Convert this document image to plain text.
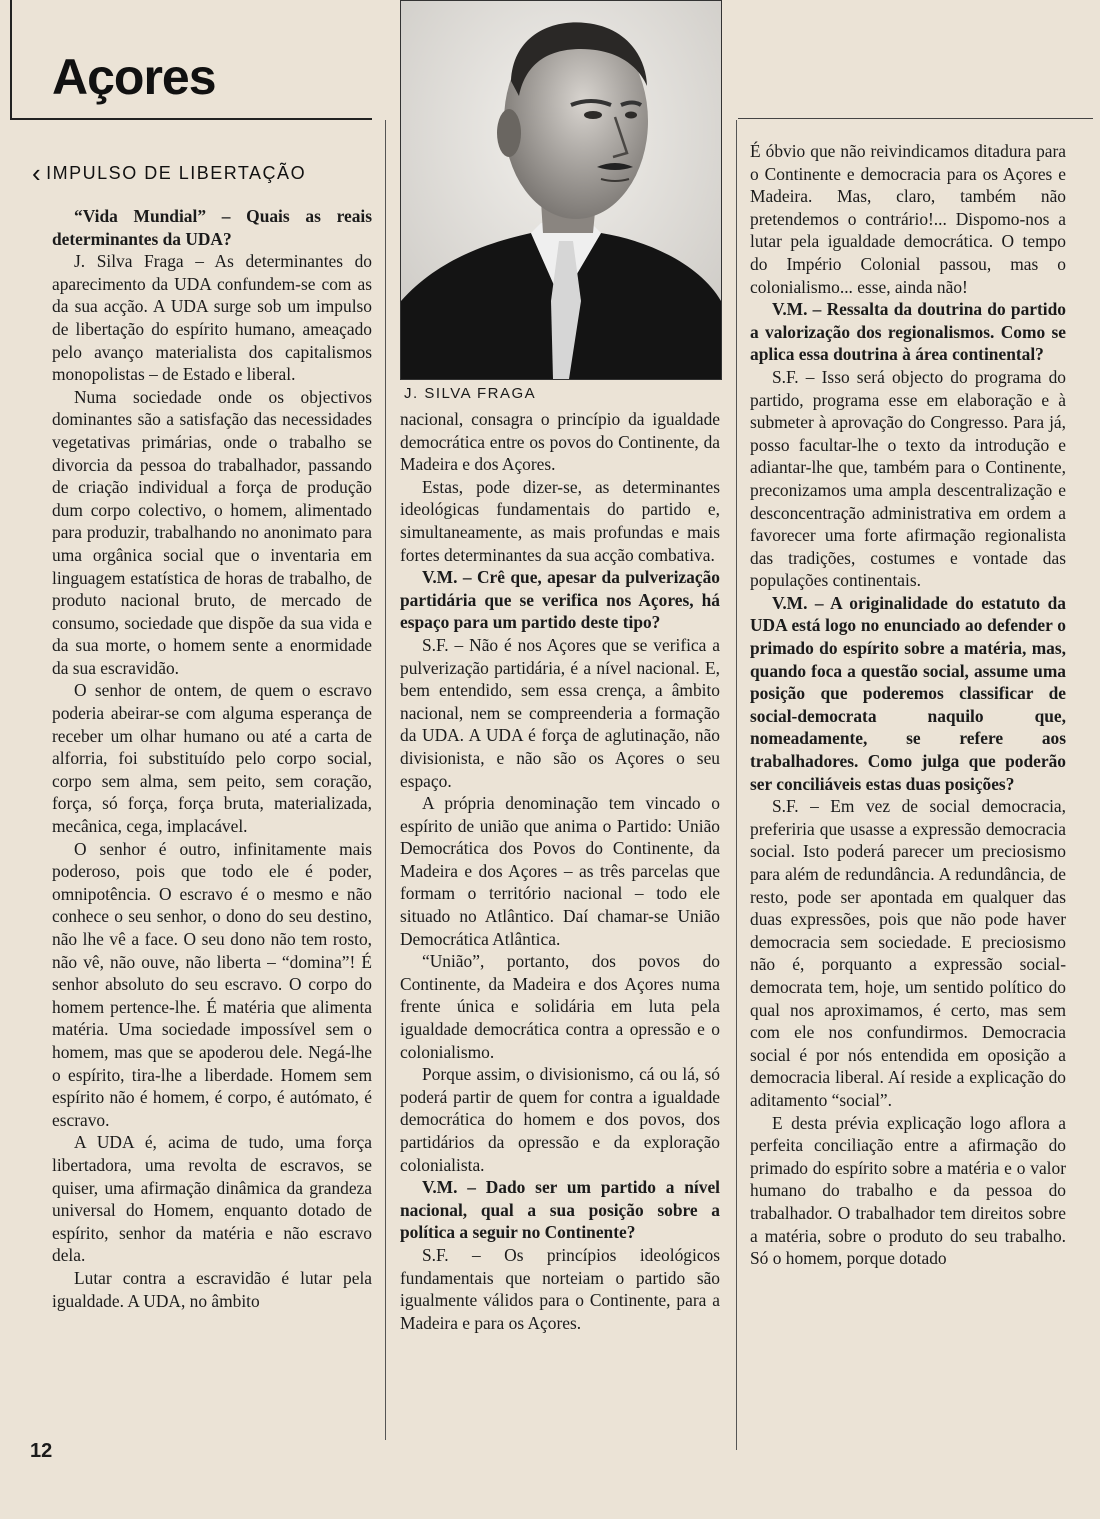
Açores
‹ IMPULSO DE LIBERTAÇÃO
J. SILVA FRAGA

“Vida Mundial” – Quais as reais determinantes da UDA?

J. Silva Fraga – As determinantes do aparecimento da UDA confundem-se com as da sua acção. A UDA surge sob um impulso de libertação do espírito humano, ameaçado pelo avanço materialista dos capitalismos monopolistas – de Estado e liberal.

Numa sociedade onde os objectivos dominantes são a satisfação das necessidades vegetativas primárias, onde o trabalho se divorcia da pessoa do trabalhador, passando de criação individual a força de produção dum corpo colectivo, o homem, alimentado para produzir, trabalhando no anonimato para uma orgânica social que o inventaria em linguagem estatística de horas de trabalho, de produto nacional bruto, de mercado de consumo, sociedade que dispõe da sua vida e da sua morte, o homem sente a enormidade da sua escravidão.

O senhor de ontem, de quem o escravo poderia abeirar-se com alguma esperança de receber um olhar humano ou até a carta de alforria, foi substituído pelo corpo social, corpo sem alma, sem peito, sem coração, força, só força, força bruta, materializada, mecânica, cega, implacável.

O senhor é outro, infinitamente mais poderoso, pois que todo ele é poder, omnipotência. O escravo é o mesmo e não conhece o seu senhor, o dono do seu destino, não lhe vê a face. O seu dono não tem rosto, não vê, não ouve, não liberta – “domina”! É senhor absoluto do seu escravo. O corpo do homem pertence-lhe. É matéria que alimenta matéria. Uma sociedade impossível sem o homem, mas que se apoderou dele. Negá-lhe o espírito, tira-lhe a liberdade. Homem sem espírito não é homem, é corpo, é autómato, é escravo.

A UDA é, acima de tudo, uma força libertadora, uma revolta de escravos, se quiser, uma afirmação dinâmica da grandeza universal do Homem, enquanto dotado de espírito, senhor da matéria e não escravo dela.

Lutar contra a escravidão é lutar pela igualdade. A UDA, no âmbito

nacional, consagra o princípio da igualdade democrática entre os povos do Continente, da Madeira e dos Açores.

Estas, pode dizer-se, as determinantes ideológicas fundamentais do partido e, simultaneamente, as mais profundas e mais fortes determinantes da sua acção combativa.

V.M. – Crê que, apesar da pulverização partidária que se verifica nos Açores, há espaço para um partido deste tipo?

S.F. – Não é nos Açores que se verifica a pulverização partidária, é a nível nacional. E, bem entendido, sem essa crença, a âmbito nacional, nem se compreenderia a formação da UDA. A UDA é força de aglutinação, não divisionista, e não são os Açores o seu espaço.

A própria denominação tem vincado o espírito de união que anima o Partido: União Democrática dos Povos do Continente, da Madeira e dos Açores – as três parcelas que formam o território nacional – todo ele situado no Atlântico. Daí chamar-se União Democrática Atlântica.

“União”, portanto, dos povos do Continente, da Madeira e dos Açores numa frente única e solidária em luta pela igualdade democrática contra a opressão e o colonialismo.

Porque assim, o divisionismo, cá ou lá, só poderá partir de quem for contra a igualdade democrática do homem e dos povos, dos partidários da opressão e da exploração colonialista.

V.M. – Dado ser um partido a nível nacional, qual a sua posição sobre a política a seguir no Continente?

S.F. – Os princípios ideológicos fundamentais que norteiam o partido são igualmente válidos para o Continente, para a Madeira e para os Açores.

É óbvio que não reivindicamos ditadura para o Continente e democracia para os Açores e Madeira. Mas, claro, também não pretendemos o contrário!... Dispomo-nos a lutar pela igualdade democrática. O tempo do Império Colonial passou, mas o colonialismo... esse, ainda não!

V.M. – Ressalta da doutrina do partido a valorização dos regionalismos. Como se aplica essa doutrina à área continental?

S.F. – Isso será objecto do programa do partido, programa esse em elaboração e à submeter à aprovação do Congresso. Para já, posso facultar-lhe o texto da introdução e adiantar-lhe que, também para o Continente, preconizamos uma ampla descentralização e desconcentração administrativa em ordem a favorecer uma forte afirmação regionalista das tradições, costumes e vontade das populações continentais.

V.M. – A originalidade do estatuto da UDA está logo no enunciado ao defender o primado do espírito sobre a matéria, mas, quando foca a questão social, assume uma posição que poderemos classificar de social-democrata naquilo que, nomeadamente, se refere aos trabalhadores. Como julga que poderão ser conciliáveis estas duas posições?

S.F. – Em vez de social democracia, preferiria que usasse a expressão democracia social. Isto poderá parecer um preciosismo para além de redundância. A redundância, de resto, pode ser apontada em qualquer das duas expressões, pois que não pode haver democracia sem sociedade. E preciosismo não é, porquanto a expressão social-democrata tem, hoje, um sentido político do qual nos aproximamos, é certo, mas sem com ele nos confundirmos. Democracia social é por nós entendida em oposição a democracia liberal. Aí reside a explicação do aditamento “social”.

E desta prévia explicação logo aflora a perfeita conciliação entre a afirmação do primado do espírito sobre a matéria e o valor humano do trabalho e da pessoa do trabalhador. O trabalhador tem direitos sobre a matéria, sobre o produto do seu trabalho. Só o homem, porque dotado

12
